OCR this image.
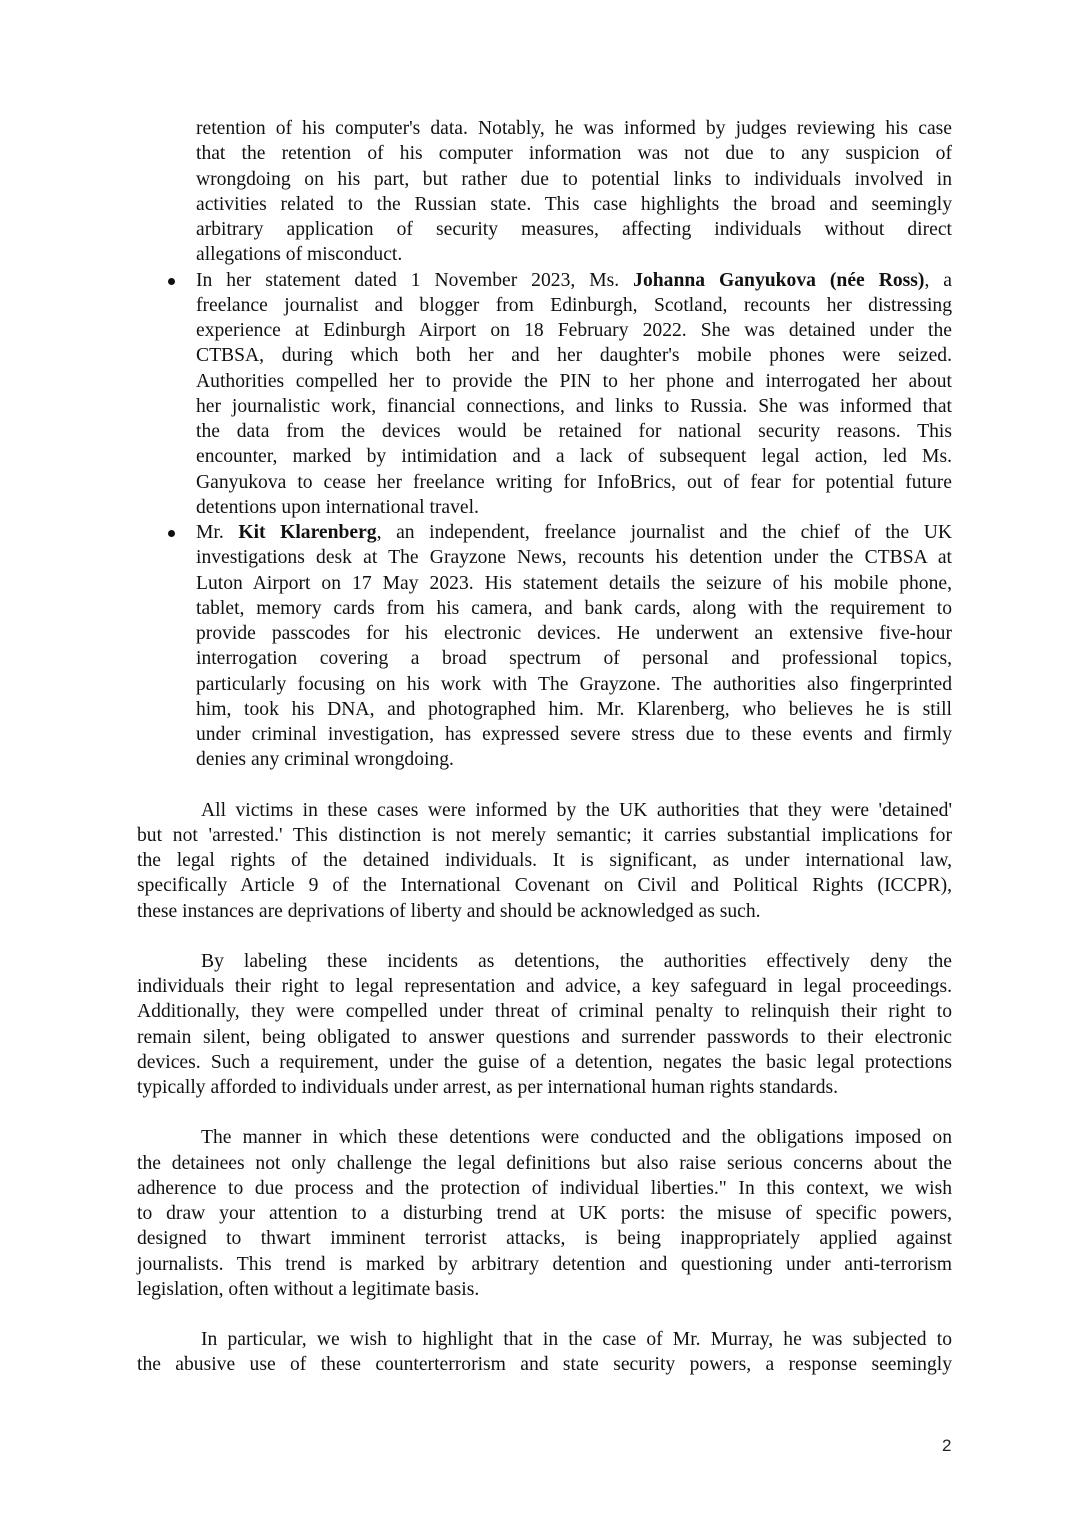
retention of his computer's data. Notably, he was informed by judges reviewing his case
that the retention of his computer information was not due to any suspicion of
wrongdoing on his part, but rather due to potential links to individuals involved in
activities related to the Russian state. This case highlights the broad and seemingly
arbitrary application of security measures, affecting individuals without direct
allegations of misconduct.
In her statement dated 1 November 2023, Ms. Johanna Ganyukova (née Ross), a
freelance journalist and blogger from Edinburgh, Scotland, recounts her distressing
experience at Edinburgh Airport on 18 February 2022. She was detained under the
CTBSA, during which both her and her daughter's mobile phones were seized.
Authorities compelled her to provide the PIN to her phone and interrogated her about
her journalistic work, financial connections, and links to Russia. She was informed that
the data from the devices would be retained for national security reasons. This
encounter, marked by intimidation and a lack of subsequent legal action, led Ms.
Ganyukova to cease her freelance writing for InfoBrics, out of fear for potential future
detentions upon international travel.
Mr. Kit Klarenberg, an independent, freelance journalist and the chief of the UK
investigations desk at The Grayzone News, recounts his detention under the CTBSA at
Luton Airport on 17 May 2023. His statement details the seizure of his mobile phone,
tablet, memory cards from his camera, and bank cards, along with the requirement to
provide passcodes for his electronic devices. He underwent an extensive five-hour
interrogation covering a broad spectrum of personal and professional topics,
particularly focusing on his work with The Grayzone. The authorities also fingerprinted
him, took his DNA, and photographed him. Mr. Klarenberg, who believes he is still
under criminal investigation, has expressed severe stress due to these events and firmly
denies any criminal wrongdoing.
All victims in these cases were informed by the UK authorities that they were 'detained'
but not 'arrested.' This distinction is not merely semantic; it carries substantial implications for
the legal rights of the detained individuals. It is significant, as under international law,
specifically Article 9 of the International Covenant on Civil and Political Rights (ICCPR),
these instances are deprivations of liberty and should be acknowledged as such.
By labeling these incidents as detentions, the authorities effectively deny the
individuals their right to legal representation and advice, a key safeguard in legal proceedings.
Additionally, they were compelled under threat of criminal penalty to relinquish their right to
remain silent, being obligated to answer questions and surrender passwords to their electronic
devices. Such a requirement, under the guise of a detention, negates the basic legal protections
typically afforded to individuals under arrest, as per international human rights standards.
The manner in which these detentions were conducted and the obligations imposed on
the detainees not only challenge the legal definitions but also raise serious concerns about the
adherence to due process and the protection of individual liberties." In this context, we wish
to draw your attention to a disturbing trend at UK ports: the misuse of specific powers,
designed to thwart imminent terrorist attacks, is being inappropriately applied against
journalists. This trend is marked by arbitrary detention and questioning under anti-terrorism
legislation, often without a legitimate basis.
In particular, we wish to highlight that in the case of Mr. Murray, he was subjected to
the abusive use of these counterterrorism and state security powers, a response seemingly
2
